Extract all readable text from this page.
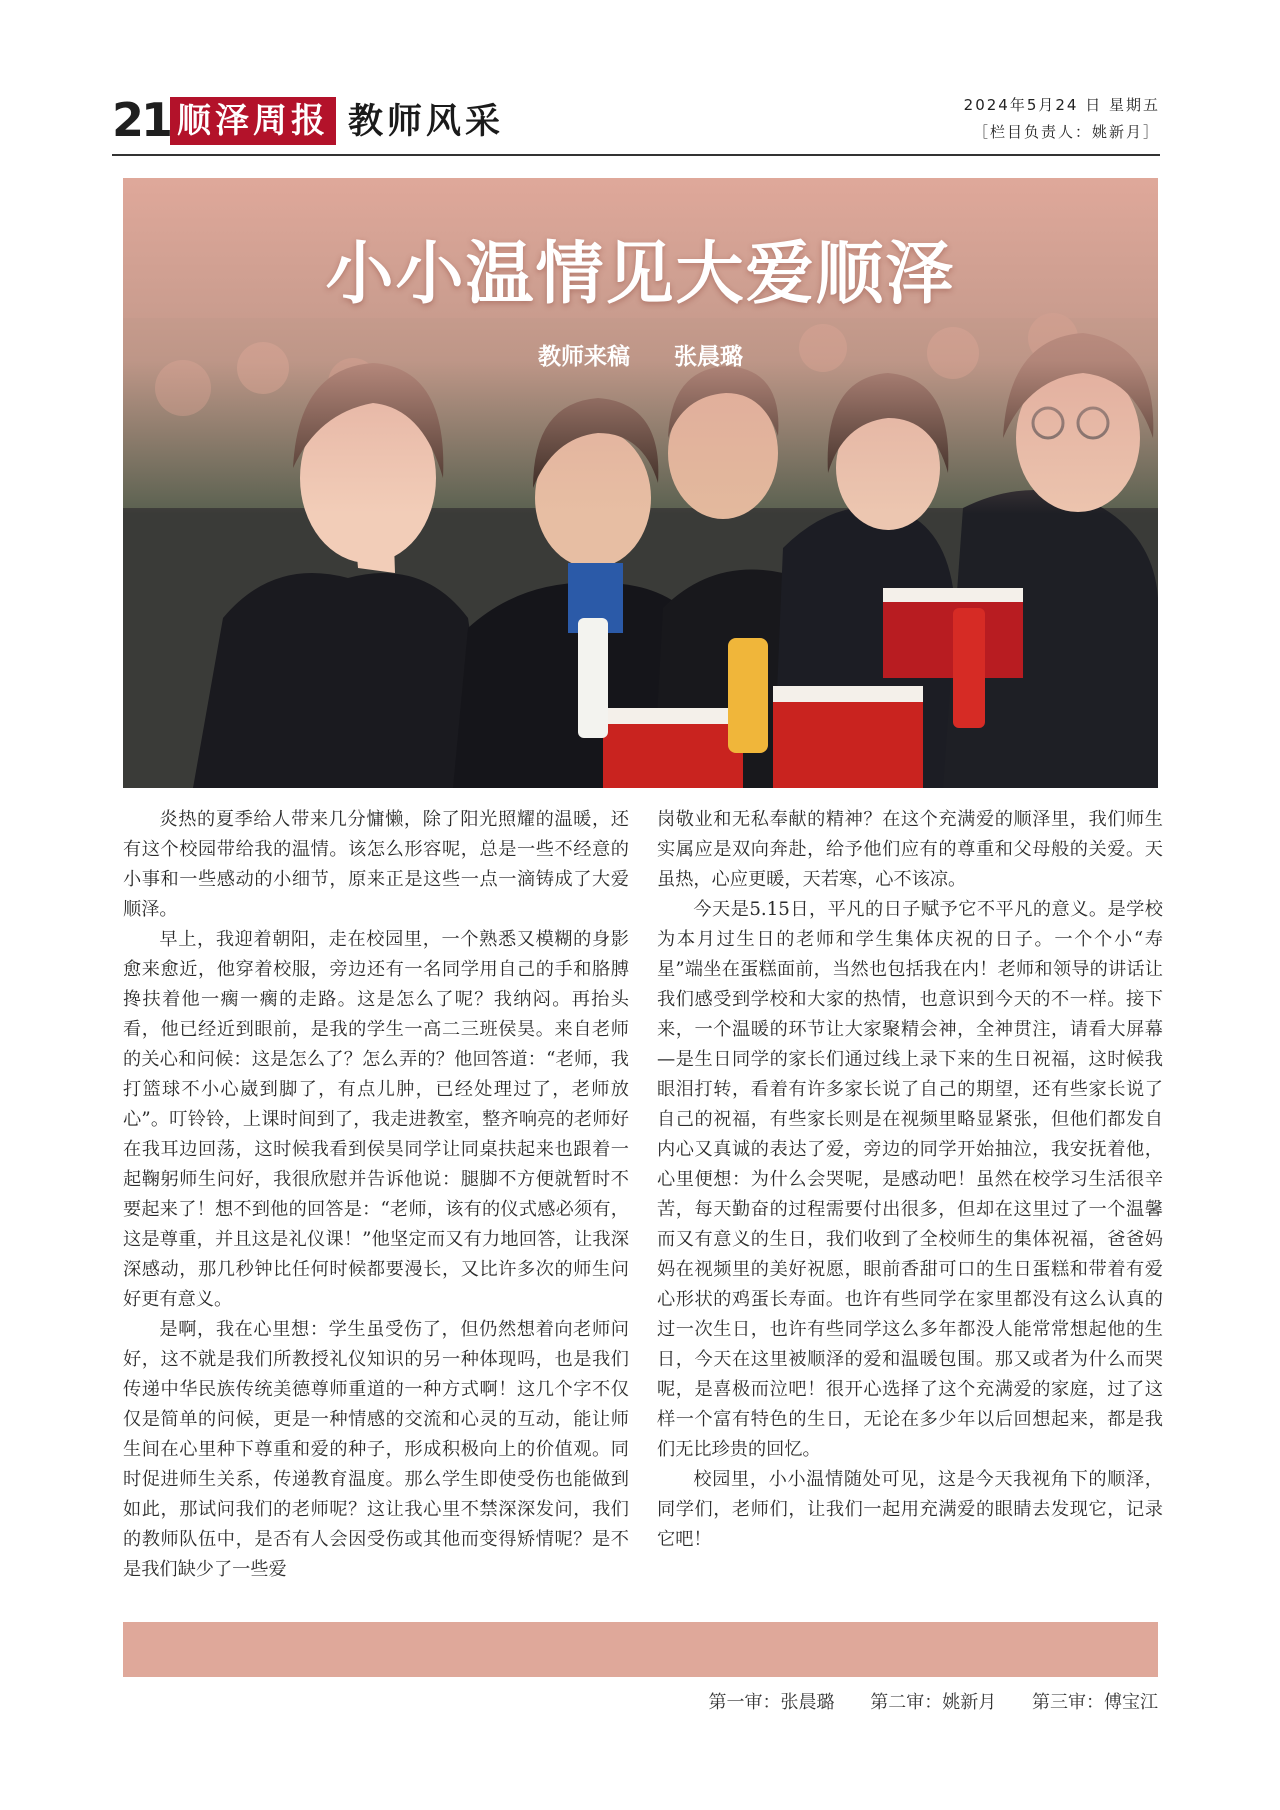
21 顺泽周报 教师风采	2024年5月24 日 星期五
［栏目负责人：姚新月］
小小温情见大爱顺泽
教师来稿 张晨璐

炎热的夏季给人带来几分慵懒，除了阳光照耀的温暖，还有这个校园带给我的温情。该怎么形容呢，总是一些不经意的小事和一些感动的小细节，原来正是这些一点一滴铸成了大爱顺泽。

早上，我迎着朝阳，走在校园里，一个熟悉又模糊的身影愈来愈近，他穿着校服，旁边还有一名同学用自己的手和胳膊搀扶着他一瘸一瘸的走路。这是怎么了呢？我纳闷。再抬头看，他已经近到眼前，是我的学生一高二三班侯昊。来自老师的关心和问候：这是怎么了？怎么弄的？他回答道：“老师，我打篮球不小心崴到脚了，有点儿肿，已经处理过了，老师放心”。叮铃铃，上课时间到了，我走进教室，整齐响亮的老师好在我耳边回荡，这时候我看到侯昊同学让同桌扶起来也跟着一起鞠躬师生问好，我很欣慰并告诉他说：腿脚不方便就暂时不要起来了！想不到他的回答是：“老师，该有的仪式感必须有，这是尊重，并且这是礼仪课！”他坚定而又有力地回答，让我深深感动，那几秒钟比任何时候都要漫长，又比许多次的师生问好更有意义。

是啊，我在心里想：学生虽受伤了，但仍然想着向老师问好，这不就是我们所教授礼仪知识的另一种体现吗，也是我们传递中华民族传统美德尊师重道的一种方式啊！这几个字不仅仅是简单的问候，更是一种情感的交流和心灵的互动，能让师生间在心里种下尊重和爱的种子，形成积极向上的价值观。同时促进师生关系，传递教育温度。那么学生即使受伤也能做到如此，那试问我们的老师呢？这让我心里不禁深深发问，我们的教师队伍中，是否有人会因受伤或其他而变得矫情呢？是不是我们缺少了一些爱

岗敬业和无私奉献的精神？在这个充满爱的顺泽里，我们师生实属应是双向奔赴，给予他们应有的尊重和父母般的关爱。天虽热，心应更暖，天若寒，心不该凉。

今天是5.15日，平凡的日子赋予它不平凡的意义。是学校为本月过生日的老师和学生集体庆祝的日子。一个个小“寿星”端坐在蛋糕面前，当然也包括我在内！老师和领导的讲话让我们感受到学校和大家的热情，也意识到今天的不一样。接下来，一个温暖的环节让大家聚精会神，全神贯注，请看大屏幕—是生日同学的家长们通过线上录下来的生日祝福，这时候我眼泪打转，看着有许多家长说了自己的期望，还有些家长说了自己的祝福，有些家长则是在视频里略显紧张，但他们都发自内心又真诚的表达了爱，旁边的同学开始抽泣，我安抚着他，心里便想：为什么会哭呢，是感动吧！虽然在校学习生活很辛苦，每天勤奋的过程需要付出很多，但却在这里过了一个温馨而又有意义的生日，我们收到了全校师生的集体祝福，爸爸妈妈在视频里的美好祝愿，眼前香甜可口的生日蛋糕和带着有爱心形状的鸡蛋长寿面。也许有些同学在家里都没有这么认真的过一次生日，也许有些同学这么多年都没人能常常想起他的生日，今天在这里被顺泽的爱和温暖包围。那又或者为什么而哭呢，是喜极而泣吧！很开心选择了这个充满爱的家庭，过了这样一个富有特色的生日，无论在多少年以后回想起来，都是我们无比珍贵的回忆。

校园里，小小温情随处可见，这是今天我视角下的顺泽，同学们，老师们，让我们一起用充满爱的眼睛去发现它，记录它吧！

第一审：张晨璐 第二审：姚新月 第三审：傅宝江
